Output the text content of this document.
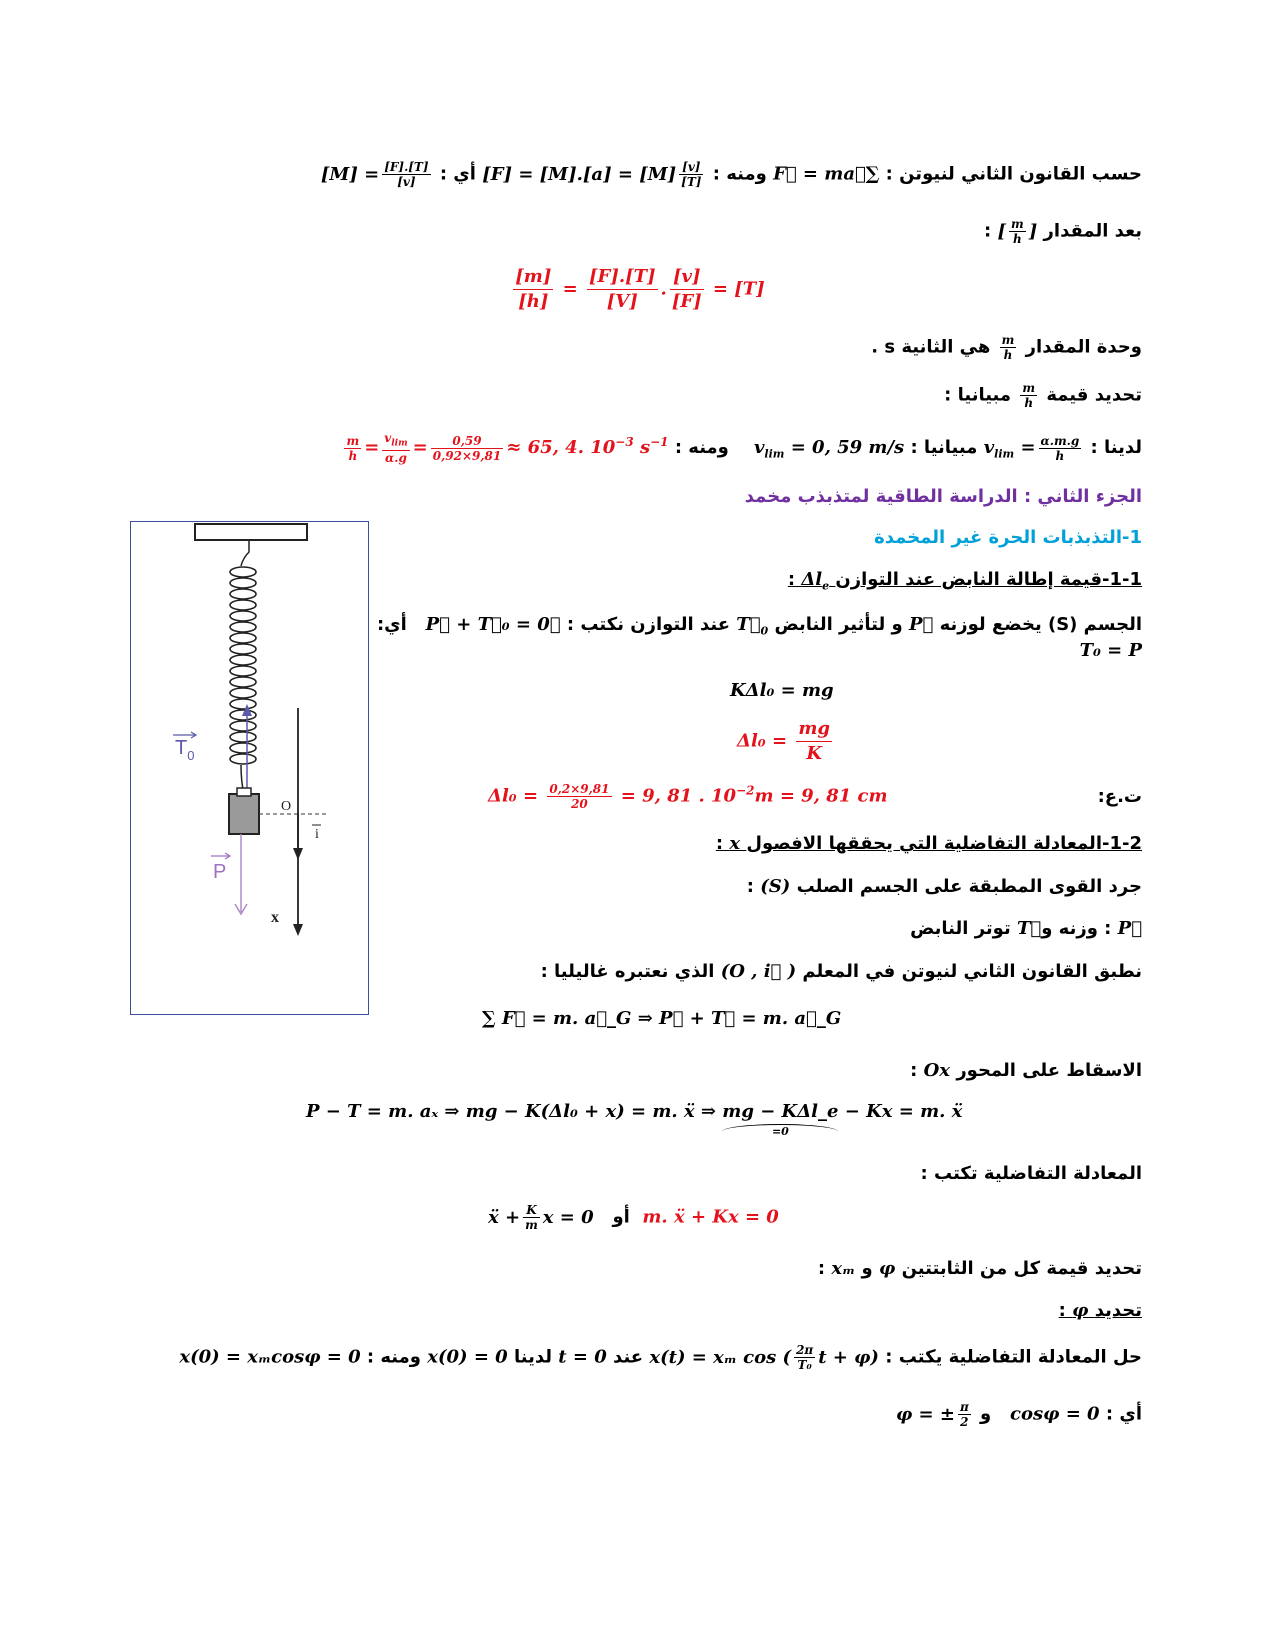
حسب القانون الثاني لنيوتن : ∑F⃗ = ma⃗ ومنه : $[F] = [M].[a] = [M] \frac{[v]}{[T]}$
أي : $[M] = \frac{[F].[T]}{[v]}$
بعد المقدار [
$\frac{m}{h}$
] :
$\frac{[m]}{[h]} = \frac{[F].[T]}{[V]}$ . $\frac{[v]}{[F]} = [T]$
وحدة المقدار
$\frac{m}{h}$
هي الثانية s .
تحديد قيمة
$\frac{m}{h}$
مبيانيا :
لدينا : $v_{lim} = \frac{\alpha.m.g}{h}$
مبيانيا : $v_{lim} = 0$, 59 m/s    ومنه :
$\frac{m}{h} = \frac{v_{lim}}{\alpha.g} = \frac{0,59}{0,92\times 9,81} \approx 65$, 4. $10^{-3}$ $s^{-1}$
الجزء الثاني : الدراسة الطاقية لمتذبذب مخمد
1-التذبذبات الحرة غير المخمدة
1-1-قيمة إطالة النابض عند التوازن $\Delta l_e$ :
الجسم (S) يخضع لوزنه P⃗ و لتأثير النابض $T⃗_0$ عند التوازن نكتب : P⃗ + T⃗₀ = 0⃗   أي:
T₀ = P
KΔl₀ = mg
$\Delta l_0 = \frac{mg}{K}$
$\Delta l_0 = \frac{0,2\times 9,81}{20} = 9$, 81 . $10^{-2}m = 9$, 81 cm	ت.ع:
1-2-المعادلة التفاضلية التي يحققها الافصول x :
جرد القوى المطبقة على الجسم الصلب (S) :
P⃗ : وزنه وT⃗ توتر النابض
نطبق القانون الثاني لنيوتن في المعلم (O , i⃗ ) الذي نعتبره غاليليا :
∑ F⃗ = m. a⃗_G ⇒ P⃗ + T⃗ = m. a⃗_G
الاسقاط على المحور Ox :
P − T = m. aₓ ⇒ mg − K(Δl₀ + x) = m. ẍ ⇒ mg − KΔl_e
=0
− Kx = m. ẍ
المعادلة التفاضلية تكتب :
ẍ + $\frac{K}{m}$ x = 0 أو m. ẍ + Kx = 0
تحديد قيمة كل من الثابتتين φ و xₘ :
تحديد φ :
حل المعادلة التفاضلية يكتب : x(t) = xₘ cos ( $\frac{2\pi}{\text{T₀}}$ t + φ) عند t = 0 لدينا x(0) = 0 ومنه : x(0) = xₘcosφ = 0
أي : cosφ = 0   و φ = ± $\frac{\pi}{2}$
$T_0$
O
i
P
x
